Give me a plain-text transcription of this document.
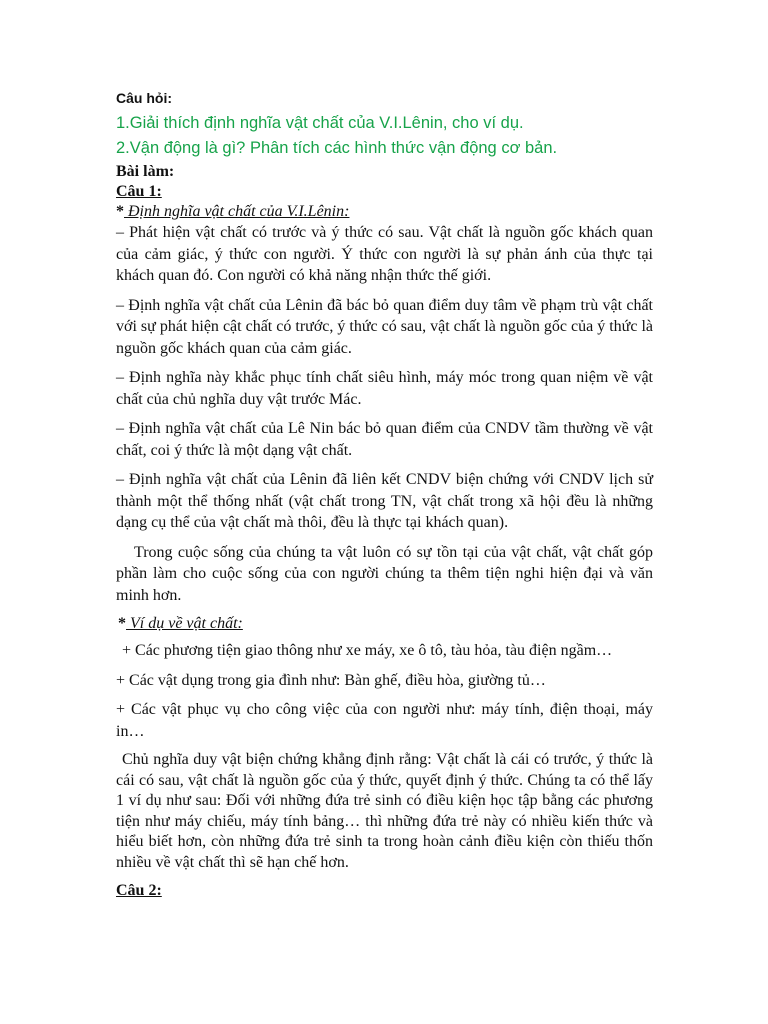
Câu hỏi:
1.Giải thích định nghĩa vật chất của V.I.Lênin, cho ví dụ.
2.Vận động là gì? Phân tích các hình thức vận động cơ bản.
Bài làm:
Câu 1:
* Định nghĩa vật chất của V.I.Lênin:

– Phát hiện vật chất có trước và ý thức có sau. Vật chất là nguồn gốc khách quan của cảm giác, ý thức con người. Ý thức con người là sự phản ánh của thực tại khách quan đó. Con người có khả năng nhận thức thế giới.

– Định nghĩa vật chất của Lênin đã bác bỏ quan điểm duy tâm về phạm trù vật chất với sự phát hiện cật chất có trước, ý thức có sau, vật chất là nguồn gốc của ý thức là nguồn gốc khách quan của cảm giác.

– Định nghĩa này khắc phục tính chất siêu hình, máy móc trong quan niệm về vật chất của chủ nghĩa duy vật trước Mác.

– Định nghĩa vật chất của Lê Nin bác bỏ quan điểm của CNDV tầm thường về vật chất, coi ý thức là một dạng vật chất.

– Định nghĩa vật chất của Lênin đã liên kết CNDV biện chứng với CNDV lịch sử thành một thể thống nhất (vật chất trong TN, vật chất trong xã hội đều là những dạng cụ thể của vật chất mà thôi, đều là thực tại khách quan).

Trong cuộc sống của chúng ta vật luôn có sự tồn tại của vật chất, vật chất góp phần làm cho cuộc sống của con người chúng ta thêm tiện nghi hiện đại và văn minh hơn.

* Ví dụ về vật chất:

+ Các phương tiện giao thông như xe máy, xe ô tô, tàu hỏa, tàu điện ngầm…

+ Các vật dụng trong gia đình như: Bàn ghế, điều hòa, giường tủ…

+ Các vật phục vụ cho công việc của con người như: máy tính, điện thoại, máy in…

Chủ nghĩa duy vật biện chứng khẳng định rằng: Vật chất là cái có trước, ý thức là cái có sau, vật chất là nguồn gốc của ý thức, quyết định ý thức. Chúng ta có thể lấy 1 ví dụ như sau: Đối với những đứa trẻ sinh có điều kiện học tập bằng các phương tiện như máy chiếu, máy tính bảng… thì những đứa trẻ này có nhiều kiến thức và hiểu biết hơn, còn những đứa trẻ sinh ta trong hoàn cảnh điều kiện còn thiếu thốn nhiều về vật chất thì sẽ hạn chế hơn.

Câu 2:
